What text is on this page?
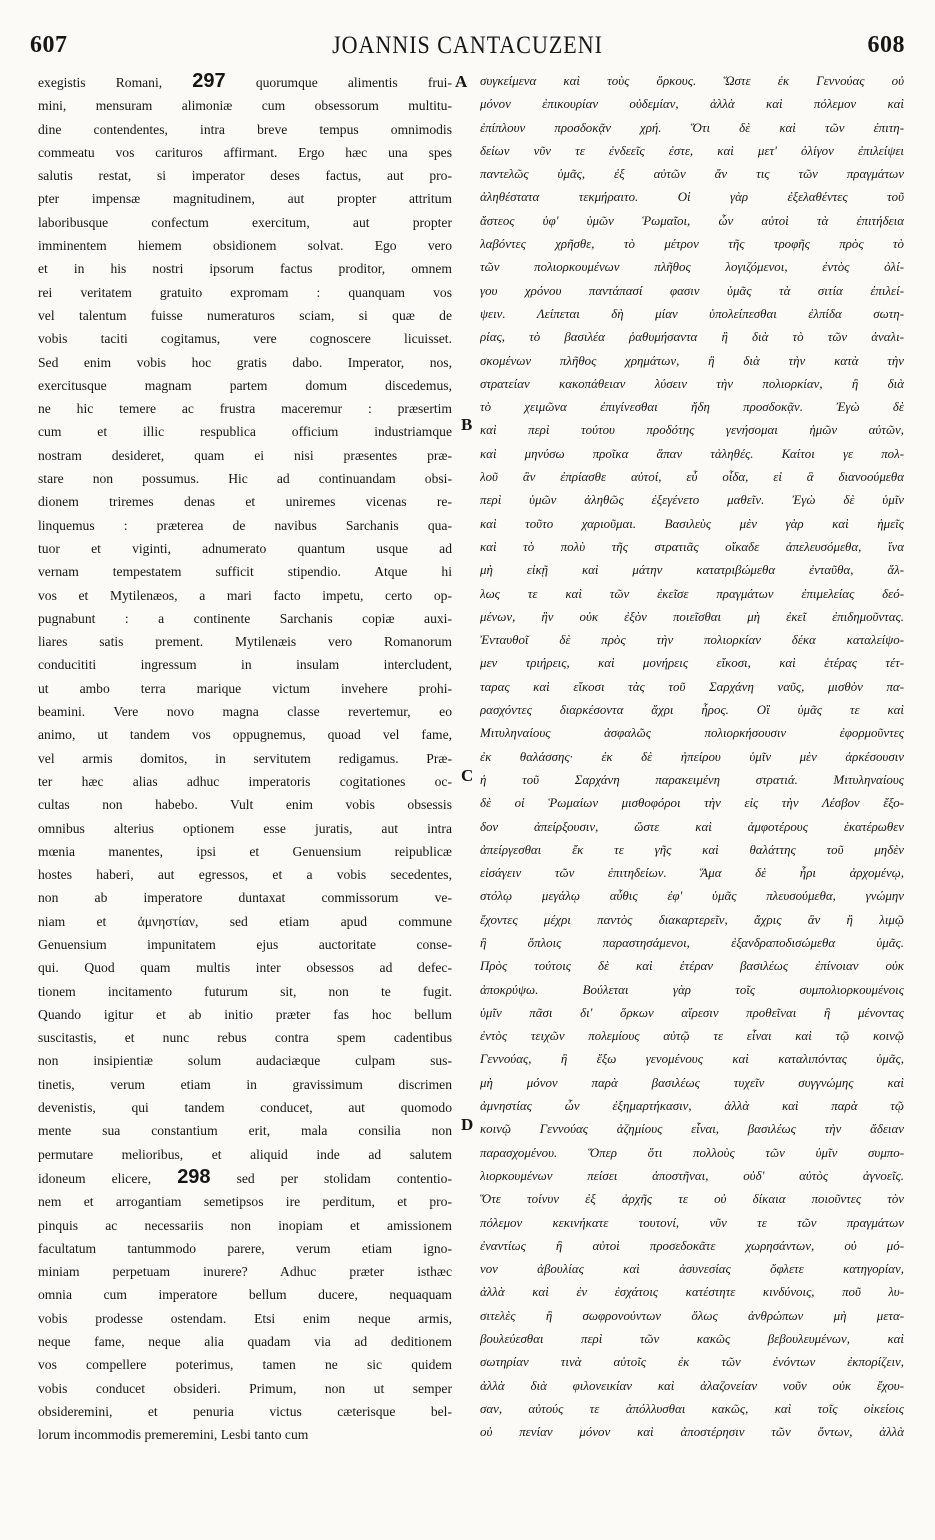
607	JOANNIS CANTACUZENI	608
A
B
C
D
exegistis Romani, 297 quorumque alimentis frui-
mini, mensuram alimoniæ cum obsessorum multitu-
dine contendentes, intra breve tempus omnimodis
commeatu vos carituros affirmant. Ergo hæc una spes
salutis restat, si imperator deses factus, aut pro-
pter impensæ magnitudinem, aut propter attritum
laboribusque confectum exercitum, aut propter
imminentem hiemem obsidionem solvat. Ego vero
et in his nostri ipsorum factus proditor, omnem
rei veritatem gratuito expromam : quanquam vos
vel talentum fuisse numeraturos sciam, si quæ de
vobis taciti cogitamus, vere cognoscere licuisset.
Sed enim vobis hoc gratis dabo. Imperator, nos,
exercitusque magnam partem domum discedemus,
ne hic temere ac frustra maceremur : præsertim
cum et illic respublica officium industriamque
nostram desideret, quam ei nisi præsentes præ-
stare non possumus. Hic ad continuandam obsi-
dionem triremes denas et uniremes vicenas re-
linquemus : præterea de navibus Sarchanis qua-
tuor et viginti, adnumerato quantum usque ad
vernam tempestatem sufficit stipendio. Atque hi
vos et Mytilenæos, a mari facto impetu, certo op-
pugnabunt : a continente Sarchanis copiæ auxi-
liares satis prement. Mytilenæis vero Romanorum
conducititi ingressum in insulam intercludent,
ut ambo terra marique victum invehere prohi-
beamini. Vere novo magna classe revertemur, eo
animo, ut tandem vos oppugnemus, quoad vel fame,
vel armis domitos, in servitutem redigamus. Præ-
ter hæc alias adhuc imperatoris cogitationes oc-
cultas non habebo. Vult enim vobis obsessis
omnibus alterius optionem esse juratis, aut intra
mœnia manentes, ipsi et Genuensium reipublicæ
hostes haberi, aut egressos, et a vobis secedentes,
non ab imperatore duntaxat commissorum ve-
niam et ἀμνηστίαν, sed etiam apud commune
Genuensium impunitatem ejus auctoritate conse-
qui. Quod quam multis inter obsessos ad defec-
tionem incitamento futurum sit, non te fugit.
Quando igitur et ab initio præter fas hoc bellum
suscitastis, et nunc rebus contra spem cadentibus
non insipientiæ solum audaciæque culpam sus-
tinetis, verum etiam in gravissimum discrimen
devenistis, qui tandem conducet, aut quomodo
mente sua constantium erit, mala consilia non
permutare melioribus, et aliquid inde ad salutem
idoneum elicere, 298 sed per stolidam contentio-
nem et arrogantiam semetipsos ire perditum, et pro-
pinquis ac necessariis non inopiam et amissionem
facultatum tantummodo parere, verum etiam igno-
miniam perpetuam inurere? Adhuc præter isthæc
omnia cum imperatore bellum ducere, nequaquam
vobis prodesse ostendam. Etsi enim neque armis,
neque fame, neque alia quadam via ad deditionem
vos compellere poterimus, tamen ne sic quidem
vobis conducet obsideri. Primum, non ut semper
obsideremini, et penuria victus cæterisque bel-
lorum incommodis premeremini, Lesbi tanto cum
συγκείμενα καὶ τοὺς ὅρκους. Ὥστε ἐκ Γεννούας οὐ
μόνον ἐπικουρίαν οὐδεμίαν, ἀλλὰ καὶ πόλεμον καὶ
ἐπίπλουν προσδοκᾷν χρή. Ὅτι δὲ καὶ τῶν ἐπιτη-
δείων νῦν τε ἐνδεεῖς ἐστε, καὶ μετ' ὀλίγον ἐπιλείψει
παντελῶς ὑμᾶς, ἐξ αὐτῶν ἄν τις τῶν πραγμάτων
ἀληθέστατα τεκμήραιτο. Οἱ γὰρ ἐξελαθέντες τοῦ
ἄστεος ὑφ' ὑμῶν Ῥωμαῖοι, ὧν αὐτοὶ τὰ ἐπιτήδεια
λαβόντες χρῆσθε, τὸ μέτρον τῆς τροφῆς πρὸς τὸ
τῶν πολιορκουμένων πλῆθος λογιζόμενοι, ἐντὸς ὀλί-
γου χρόνου παντάπασί φασιν ὑμᾶς τὰ σιτία ἐπιλεί-
ψειν. Λείπεται δὴ μίαν ὑπολείπεσθαι ἐλπίδα σωτη-
ρίας, τὸ βασιλέα ῥαθυμήσαντα ἢ διὰ τὸ τῶν ἀναλι-
σκομένων πλῆθος χρημάτων, ἢ διὰ τὴν κατὰ τὴν
στρατείαν κακοπάθειαν λύσειν τὴν πολιορκίαν, ἢ διὰ
τὸ χειμῶνα ἐπιγίνεσθαι ἤδη προσδοκᾷν. Ἐγὼ δὲ
καὶ περὶ τούτου προδότης γενήσομαι ἡμῶν αὐτῶν,
καὶ μηνύσω προῖκα ἅπαν τἀληθές. Καίτοι γε πολ-
λοῦ ἂν ἐπρίασθε αὐτοί, εὖ οἶδα, εἰ ἃ διανοούμεθα
περὶ ὑμῶν ἀληθῶς ἐξεγένετο μαθεῖν. Ἐγὼ δὲ ὑμῖν
καὶ τοῦτο χαριοῦμαι. Βασιλεὺς μὲν γὰρ καὶ ἡμεῖς
καὶ τὸ πολὺ τῆς στρατιᾶς οἴκαδε ἀπελευσόμεθα, ἵνα
μὴ εἰκῇ καὶ μάτην κατατριβώμεθα ἐνταῦθα, ἄλ-
λως τε καὶ τῶν ἐκεῖσε πραγμάτων ἐπιμελείας δεό-
μένων, ἣν οὐκ ἐξὸν ποιεῖσθαι μὴ ἐκεῖ ἐπιδημοῦντας.
Ἐνταυθοῖ δὲ πρὸς τὴν πολιορκίαν δέκα καταλείψο-
μεν τριήρεις, καὶ μονήρεις εἴκοσι, καὶ ἑτέρας τέτ-
ταρας καὶ εἴκοσι τὰς τοῦ Σαρχάνη ναῦς, μισθὸν πα-
ρασχόντες διαρκέσοντα ἄχρι ἦρος. Οἳ ὑμᾶς τε καὶ
Μιτυληναίους ἀσφαλῶς πολιορκήσουσιν ἐφορμοῦντες
ἐκ θαλάσσης· ἐκ δὲ ἠπείρου ὑμῖν μὲν ἀρκέσουσιν
ἡ τοῦ Σαρχάνη παρακειμένη στρατιά. Μιτυληναίους
δὲ οἱ Ῥωμαίων μισθοφόροι τὴν εἰς τὴν Λέσβον ἔξο-
δον ἀπείρξουσιν, ὥστε καὶ ἀμφοτέρους ἑκατέρωθεν
ἀπείργεσθαι ἔκ τε γῆς καὶ θαλάττης τοῦ μηδὲν
εἰσάγειν τῶν ἐπιτηδείων. Ἅμα δὲ ἦρι ἀρχομένῳ,
στόλῳ μεγάλῳ αὖθις ἐφ' ὑμᾶς πλευσούμεθα, γνώμην
ἔχοντες μέχρι παντὸς διακαρτερεῖν, ἄχρις ἂν ἢ λιμῷ
ἢ ὅπλοις παραστησάμενοι, ἐξανδραποδισώμεθα ὑμᾶς.
Πρὸς τούτοις δὲ καὶ ἑτέραν βασιλέως ἐπίνοιαν οὐκ
ἀποκρύψω. Βούλεται γὰρ τοῖς συμπολιορκουμένοις
ὑμῖν πᾶσι δι' ὅρκων αἵρεσιν προθεῖναι ἢ μένοντας
ἐντὸς τειχῶν πολεμίους αὐτῷ τε εἶναι καὶ τῷ κοινῷ
Γεννούας, ἢ ἔξω γενομένους καὶ καταλιπόντας ὑμᾶς,
μὴ μόνον παρὰ βασιλέως τυχεῖν συγγνώμης καὶ
ἀμνηστίας ὧν ἐξημαρτήκασιν, ἀλλὰ καὶ παρὰ τῷ
κοινῷ Γεννούας ἀζημίους εἶναι, βασιλέως τὴν ἄδειαν
παρασχομένου. Ὅπερ ὅτι πολλοὺς τῶν ὑμῖν συμπο-
λιορκουμένων πείσει ἀποστῆναι, οὐδ' αὐτὸς ἀγνοεῖς.
Ὅτε τοίνυν ἐξ ἀρχῆς τε οὐ δίκαια ποιοῦντες τὸν
πόλεμον κεκινήκατε τουτονί, νῦν τε τῶν πραγμάτων
ἐναντίως ἢ αὐτοὶ προσεδοκᾶτε χωρησάντων, οὐ μό-
νον ἀβουλίας καὶ ἀσυνεσίας ὄφλετε κατηγορίαν,
ἀλλὰ καὶ ἐν ἐσχάτοις κατέστητε κινδύνοις, ποῦ λυ-
σιτελὲς ἢ σωφρονούντων ὅλως ἀνθρώπων μὴ μετα-
βουλεύεσθαι περὶ τῶν κακῶς βεβουλευμένων, καὶ
σωτηρίαν τινὰ αὐτοῖς ἐκ τῶν ἐνόντων ἐκπορίζειν,
ἀλλὰ διὰ φιλονεικίαν καὶ ἀλαζονείαν νοῦν οὐκ ἔχου-
σαν, αὐτούς τε ἀπόλλυσθαι κακῶς, καὶ τοῖς οἰκείοις
οὐ πενίαν μόνον καὶ ἀποστέρησιν τῶν ὄντων, ἀλλὰ
